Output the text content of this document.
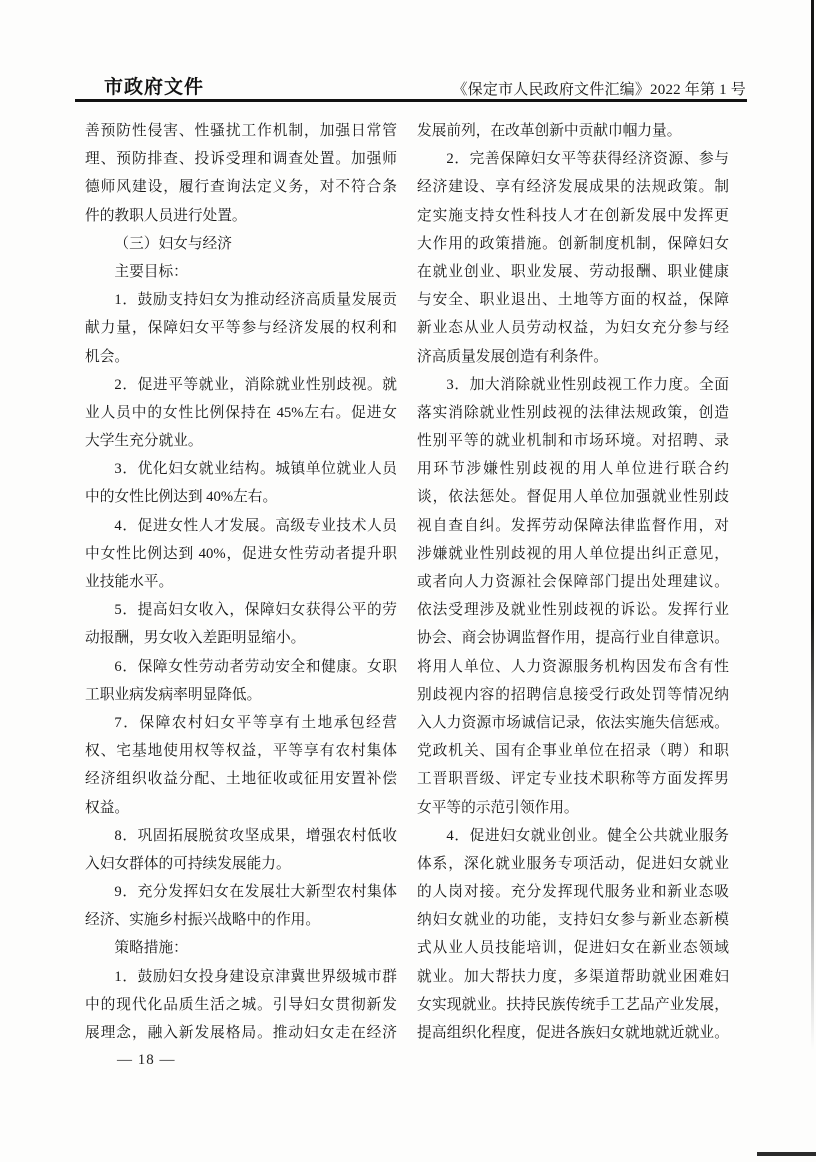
市政府文件	《保定市人民政府文件汇编》2022 年第 1 号
善预防性侵害、性骚扰工作机制，加强日常管
理、预防排查、投诉受理和调查处置。加强师
德师风建设，履行查询法定义务，对不符合条
件的教职人员进行处置。
（三）妇女与经济
主要目标：
1．鼓励支持妇女为推动经济高质量发展贡
献力量，保障妇女平等参与经济发展的权利和
机会。
2．促进平等就业，消除就业性别歧视。就
业人员中的女性比例保持在 45%左右。促进女
大学生充分就业。
3．优化妇女就业结构。城镇单位就业人员
中的女性比例达到 40%左右。
4．促进女性人才发展。高级专业技术人员
中女性比例达到 40%，促进女性劳动者提升职
业技能水平。
5．提高妇女收入，保障妇女获得公平的劳
动报酬，男女收入差距明显缩小。
6．保障女性劳动者劳动安全和健康。女职
工职业病发病率明显降低。
7．保障农村妇女平等享有土地承包经营
权、宅基地使用权等权益，平等享有农村集体
经济组织收益分配、土地征收或征用安置补偿
权益。
8．巩固拓展脱贫攻坚成果，增强农村低收
入妇女群体的可持续发展能力。
9．充分发挥妇女在发展壮大新型农村集体
经济、实施乡村振兴战略中的作用。
策略措施：
1．鼓励妇女投身建设京津冀世界级城市群
中的现代化品质生活之城。引导妇女贯彻新发
展理念，融入新发展格局。推动妇女走在经济
发展前列，在改革创新中贡献巾帼力量。
2．完善保障妇女平等获得经济资源、参与
经济建设、享有经济发展成果的法规政策。制
定实施支持女性科技人才在创新发展中发挥更
大作用的政策措施。创新制度机制，保障妇女
在就业创业、职业发展、劳动报酬、职业健康
与安全、职业退出、土地等方面的权益，保障
新业态从业人员劳动权益，为妇女充分参与经
济高质量发展创造有利条件。
3．加大消除就业性别歧视工作力度。全面
落实消除就业性别歧视的法律法规政策，创造
性别平等的就业机制和市场环境。对招聘、录
用环节涉嫌性别歧视的用人单位进行联合约
谈，依法惩处。督促用人单位加强就业性别歧
视自查自纠。发挥劳动保障法律监督作用，对
涉嫌就业性别歧视的用人单位提出纠正意见，
或者向人力资源社会保障部门提出处理建议。
依法受理涉及就业性别歧视的诉讼。发挥行业
协会、商会协调监督作用，提高行业自律意识。
将用人单位、人力资源服务机构因发布含有性
别歧视内容的招聘信息接受行政处罚等情况纳
入人力资源市场诚信记录，依法实施失信惩戒。
党政机关、国有企事业单位在招录（聘）和职
工晋职晋级、评定专业技术职称等方面发挥男
女平等的示范引领作用。
4．促进妇女就业创业。健全公共就业服务
体系，深化就业服务专项活动，促进妇女就业
的人岗对接。充分发挥现代服务业和新业态吸
纳妇女就业的功能，支持妇女参与新业态新模
式从业人员技能培训，促进妇女在新业态领域
就业。加大帮扶力度，多渠道帮助就业困难妇
女实现就业。扶持民族传统手工艺品产业发展，
提高组织化程度，促进各族妇女就地就近就业。
— 18 —
